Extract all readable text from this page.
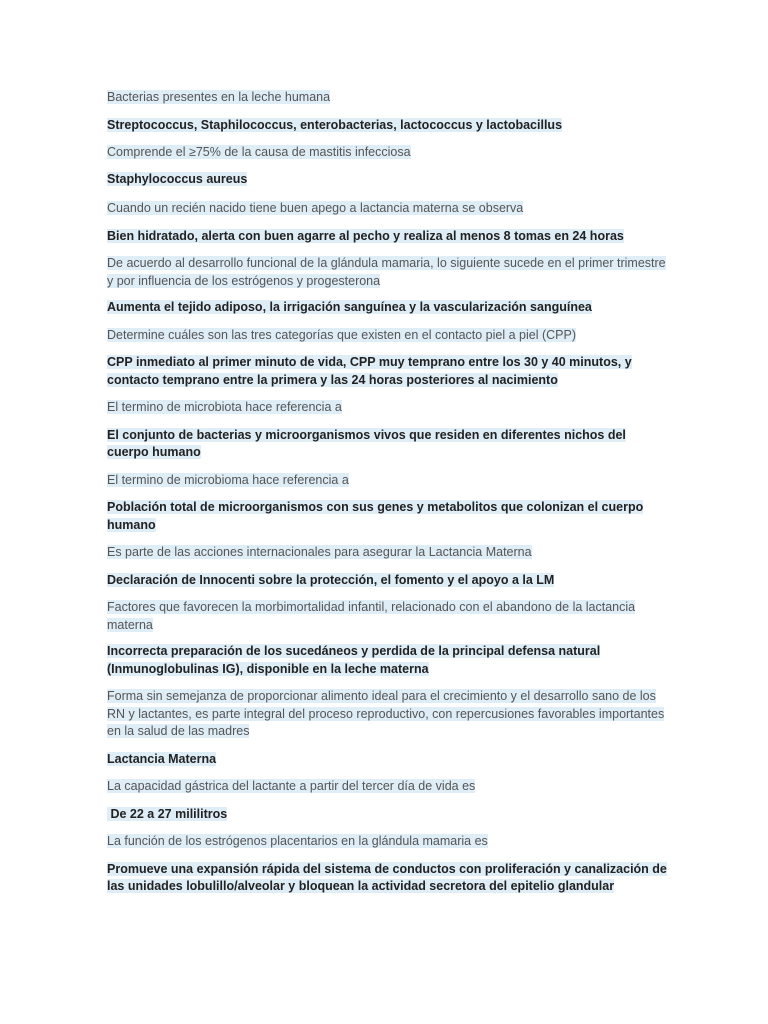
Bacterias presentes en la leche humana
Streptococcus, Staphilococcus, enterobacterias, lactococcus y lactobacillus
Comprende el ≥75% de la causa de mastitis infecciosa
Staphylococcus aureus
Cuando un recién nacido tiene buen apego a lactancia materna se observa
Bien hidratado, alerta con buen agarre al pecho y realiza al menos 8 tomas en 24 horas
De acuerdo al desarrollo funcional de la glándula mamaria, lo siguiente sucede en el primer trimestre y por influencia de los estrógenos y progesterona
Aumenta el tejido adiposo, la irrigación sanguínea y la vascularización sanguínea
Determine cuáles son las tres categorías que existen en el contacto piel a piel (CPP)
CPP inmediato al primer minuto de vida, CPP muy temprano entre los 30 y 40 minutos, y contacto temprano entre la primera y las 24 horas posteriores al nacimiento
El termino de microbiota hace referencia a
El conjunto de bacterias y microorganismos vivos que residen en diferentes nichos del cuerpo humano
El termino de microbioma hace referencia a
Población total de microorganismos con sus genes y metabolitos que colonizan el cuerpo humano
Es parte de las acciones internacionales para asegurar la Lactancia Materna
Declaración de Innocenti sobre la protección, el fomento y el apoyo a la LM
Factores que favorecen la morbimortalidad infantil, relacionado con el abandono de la lactancia materna
Incorrecta preparación de los sucedáneos y perdida de la principal defensa natural (Inmunoglobulinas IG), disponible en la leche materna
Forma sin semejanza de proporcionar alimento ideal para el crecimiento y el desarrollo sano de los RN y lactantes, es parte integral del proceso reproductivo, con repercusiones favorables importantes en la salud de las madres
Lactancia Materna
La capacidad gástrica del lactante a partir del tercer día de vida es
De 22 a 27 mililitros
La función de los estrógenos placentarios en la glándula mamaria es
Promueve una expansión rápida del sistema de conductos con proliferación y canalización de las unidades lobulillo/alveolar y bloquean la actividad secretora del epitelio glandular
